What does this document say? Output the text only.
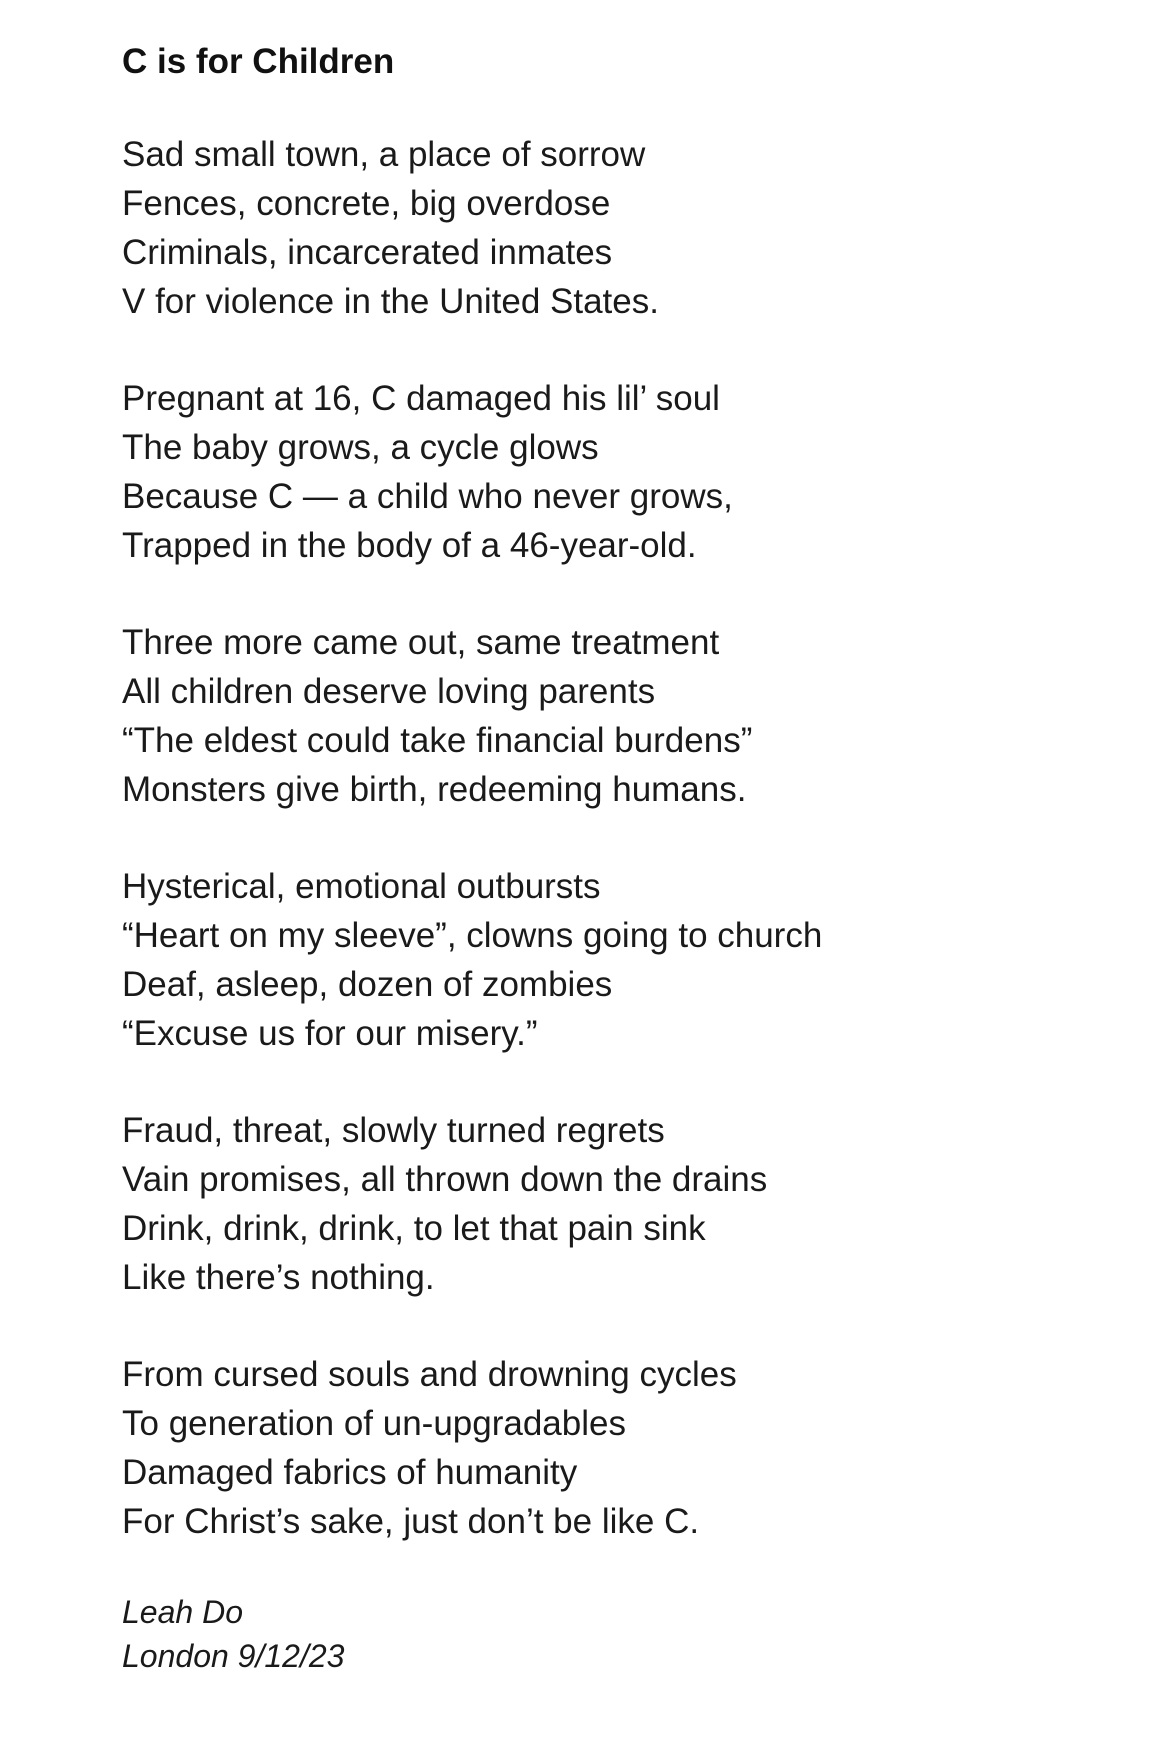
C is for Children
Sad small town, a place of sorrow
Fences, concrete, big overdose
Criminals, incarcerated inmates
V for violence in the United States.
Pregnant at 16, C damaged his lil’ soul
The baby grows, a cycle glows
Because C — a child who never grows,
Trapped in the body of a 46-year-old.
Three more came out, same treatment
All children deserve loving parents
“The eldest could take financial burdens”
Monsters give birth, redeeming humans.
Hysterical, emotional outbursts
“Heart on my sleeve”, clowns going to church
Deaf, asleep, dozen of zombies
“Excuse us for our misery.”
Fraud, threat, slowly turned regrets
Vain promises, all thrown down the drains
Drink, drink, drink, to let that pain sink
Like there’s nothing.
From cursed souls and drowning cycles
To generation of un-upgradables
Damaged fabrics of humanity
For Christ’s sake, just don’t be like C.
Leah Do
London 9/12/23
